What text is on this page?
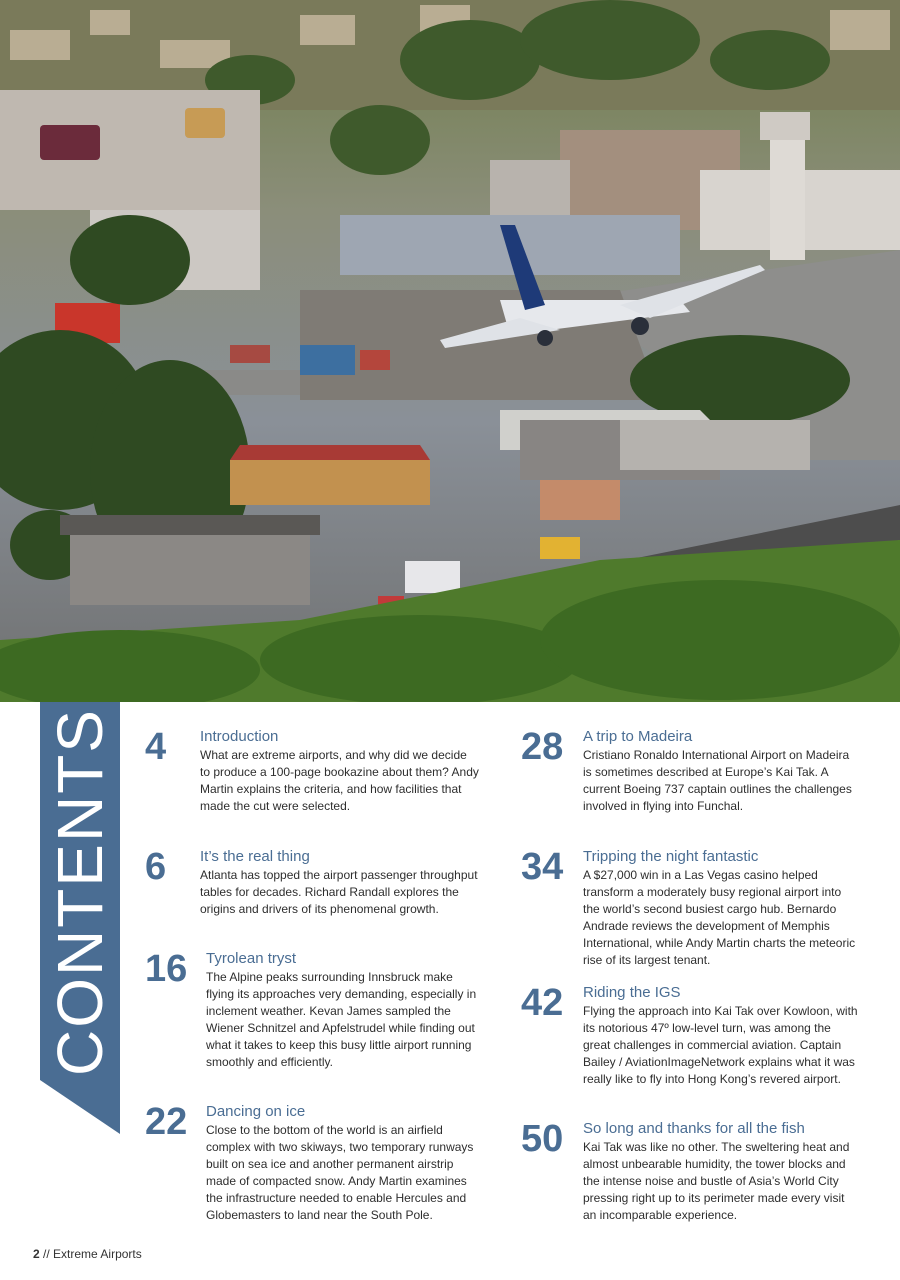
CONTENTS 4 Introduction
What are extreme airports, and why did we decide to produce a 100-page bookazine about them? Andy Martin explains the criteria, and how facilities that made the cut were selected.
6 It’s the real thing
Atlanta has topped the airport passenger throughput tables for decades. Richard Randall explores the origins and drivers of its phenomenal growth.
16 Tyrolean tryst
The Alpine peaks surrounding Innsbruck make flying its approaches very demanding, especially in inclement weather. Kevan James sampled the Wiener Schnitzel and Apfelstrudel while finding out what it takes to keep this busy little airport running smoothly and efficiently.
22 Dancing on ice
Close to the bottom of the world is an airfield complex with two skiways, two temporary runways built on sea ice and another permanent airstrip made of compacted snow. Andy Martin examines the infrastructure needed to enable Hercules and Globemasters to land near the South Pole.
28 A trip to Madeira
Cristiano Ronaldo International Airport on Madeira is sometimes described at Europe’s Kai Tak. A current Boeing 737 captain outlines the challenges involved in flying into Funchal.
34 Tripping the night fantastic
A $27,000 win in a Las Vegas casino helped transform a moderately busy regional airport into the world’s second busiest cargo hub. Bernardo Andrade reviews the development of Memphis International, while Andy Martin charts the meteoric rise of its largest tenant.
42 Riding the IGS
Flying the approach into Kai Tak over Kowloon, with its notorious 47º low-level turn, was among the great challenges in commercial aviation. Captain Bailey / AviationImageNetwork explains what it was really like to fly into Hong Kong’s revered airport.
50 So long and thanks for all the fish
Kai Tak was like no other. The sweltering heat and almost unbearable humidity, the tower blocks and the intense noise and bustle of Asia’s World City pressing right up to its perimeter made every visit an incomparable experience.
2 // Extreme Airports
